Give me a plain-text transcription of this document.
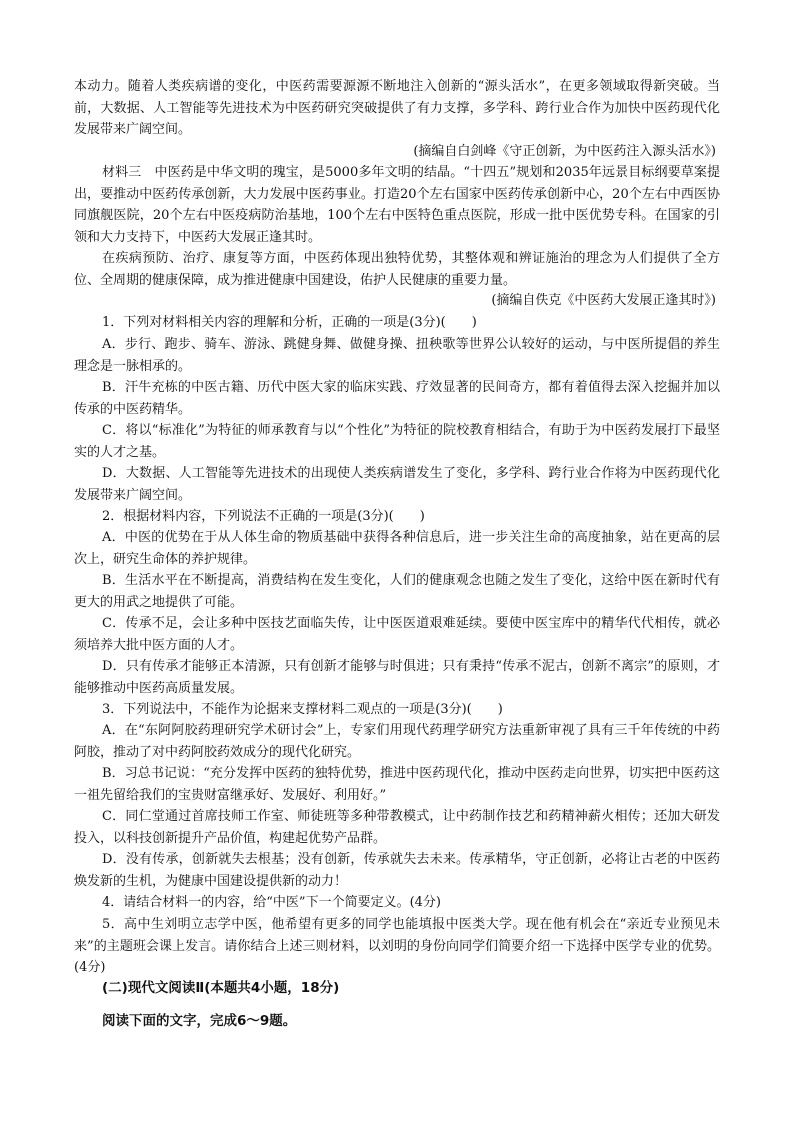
本动力。随着人类疾病谱的变化，中医药需要源源不断地注入创新的“源头活水”，在更多领域取得新突破。当前，大数据、人工智能等先进技术为中医药研究突破提供了有力支撑，多学科、跨行业合作为加快中医药现代化发展带来广阔空间。
(摘编自白剑峰《守正创新，为中医药注入源头活水》)
材料三　中医药是中华文明的瑰宝，是5000多年文明的结晶。“十四五”规划和2035年远景目标纲要草案提出，要推动中医药传承创新，大力发展中医药事业。打造20个左右国家中医药传承创新中心，20个左右中西医协同旗舰医院，20个左右中医疫病防治基地，100个左右中医特色重点医院，形成一批中医优势专科。在国家的引领和大力支持下，中医药大发展正逢其时。
在疾病预防、治疗、康复等方面，中医药体现出独特优势，其整体观和辨证施治的理念为人们提供了全方位、全周期的健康保障，成为推进健康中国建设，佑护人民健康的重要力量。
(摘编自佚克《中医药大发展正逢其时》)
1．下列对材料相关内容的理解和分析，正确的一项是(3分)(　　)
A．步行、跑步、骑车、游泳、跳健身舞、做健身操、扭秧歌等世界公认较好的运动，与中医所提倡的养生理念是一脉相承的。
B．汗牛充栋的中医古籍、历代中医大家的临床实践、疗效显著的民间奇方，都有着值得去深入挖掘并加以传承的中医药精华。
C．将以“标准化”为特征的师承教育与以“个性化”为特征的院校教育相结合，有助于为中医药发展打下最坚实的人才之基。
D．大数据、人工智能等先进技术的出现使人类疾病谱发生了变化，多学科、跨行业合作将为中医药现代化发展带来广阔空间。
2．根据材料内容，下列说法不正确的一项是(3分)(　　)
A．中医的优势在于从人体生命的物质基础中获得各种信息后，进一步关注生命的高度抽象，站在更高的层次上，研究生命体的养护规律。
B．生活水平在不断提高，消费结构在发生变化，人们的健康观念也随之发生了变化，这给中医在新时代有更大的用武之地提供了可能。
C．传承不足，会让多种中医技艺面临失传，让中医医道艰难延续。要使中医宝库中的精华代代相传，就必须培养大批中医方面的人才。
D．只有传承才能够正本清源，只有创新才能够与时俱进；只有秉持“传承不泥古，创新不离宗”的原则，才能够推动中医药高质量发展。
3．下列说法中，不能作为论据来支撑材料二观点的一项是(3分)(　　)
A．在“东阿阿胶药理研究学术研讨会”上，专家们用现代药理学研究方法重新审视了具有三千年传统的中药阿胶，推动了对中药阿胶药效成分的现代化研究。
B．习总书记说：“充分发挥中医药的独特优势，推进中医药现代化，推动中医药走向世界，切实把中医药这一祖先留给我们的宝贵财富继承好、发展好、利用好。”
C．同仁堂通过首席技师工作室、师徒班等多种带教模式，让中药制作技艺和药精神薪火相传；还加大研发投入，以科技创新提升产品价值，构建起优势产品群。
D．没有传承，创新就失去根基；没有创新，传承就失去未来。传承精华，守正创新，必将让古老的中医药焕发新的生机，为健康中国建设提供新的动力！
4．请结合材料一的内容，给“中医”下一个简要定义。(4分)
5．高中生刘明立志学中医，他希望有更多的同学也能填报中医类大学。现在他有机会在“亲近专业预见未来”的主题班会课上发言。请你结合上述三则材料，以刘明的身份向同学们简要介绍一下选择中医学专业的优势。(4分)
(二)现代文阅读Ⅱ(本题共4小题，18分)
阅读下面的文字，完成6～9题。
